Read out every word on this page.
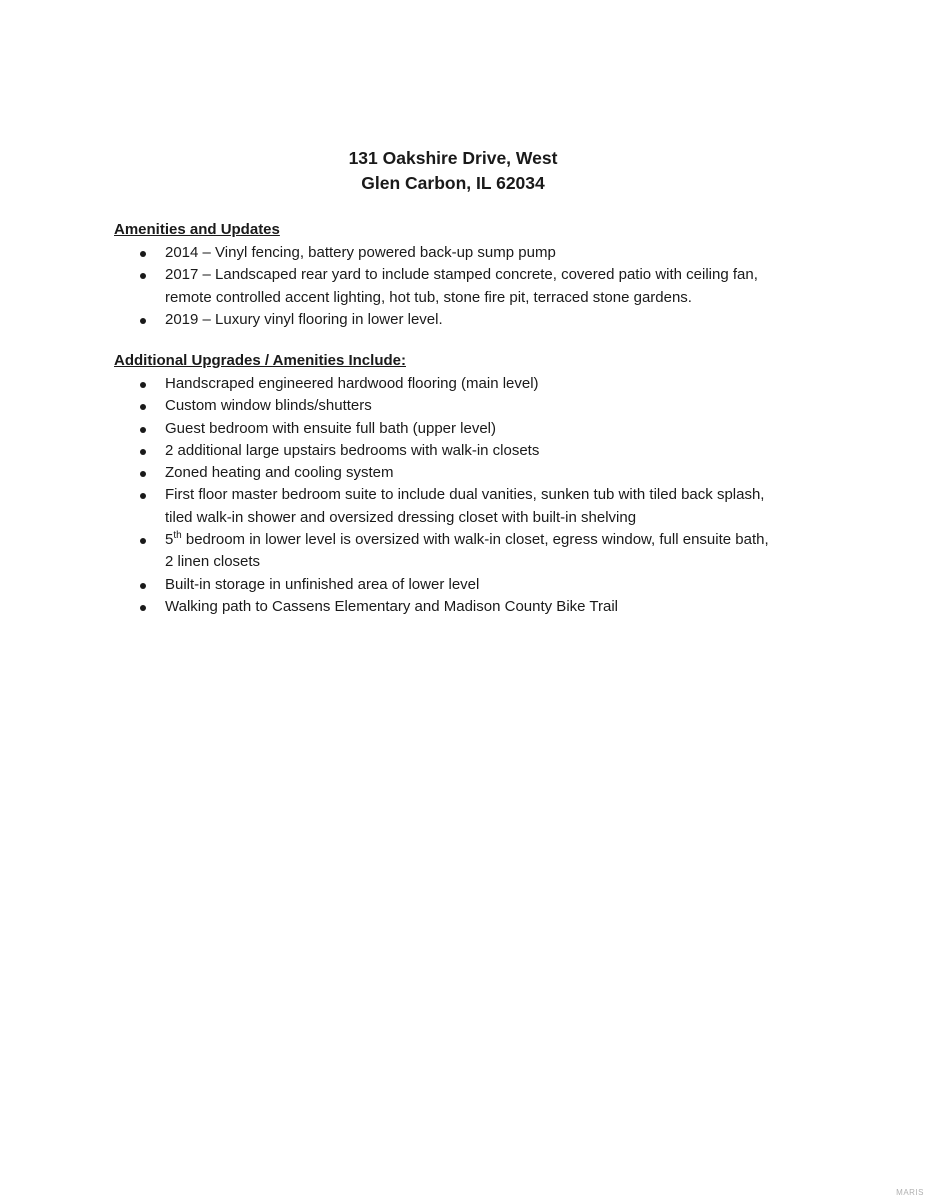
131 Oakshire Drive, West
Glen Carbon, IL 62034
Amenities and Updates
2014 – Vinyl fencing, battery powered back-up sump pump
2017 – Landscaped rear yard to include stamped concrete, covered patio with ceiling fan, remote controlled accent lighting, hot tub, stone fire pit, terraced stone gardens.
2019 – Luxury vinyl flooring in lower level.
Additional Upgrades / Amenities Include:
Handscraped engineered hardwood flooring (main level)
Custom window blinds/shutters
Guest bedroom with ensuite full bath (upper level)
2 additional large upstairs bedrooms with walk-in closets
Zoned heating and cooling system
First floor master bedroom suite to include dual vanities, sunken tub with tiled back splash, tiled walk-in shower and oversized dressing closet with built-in shelving
5th bedroom in lower level is oversized with walk-in closet, egress window, full ensuite bath, 2 linen closets
Built-in storage in unfinished area of lower level
Walking path to Cassens Elementary and Madison County Bike Trail
MARIS
